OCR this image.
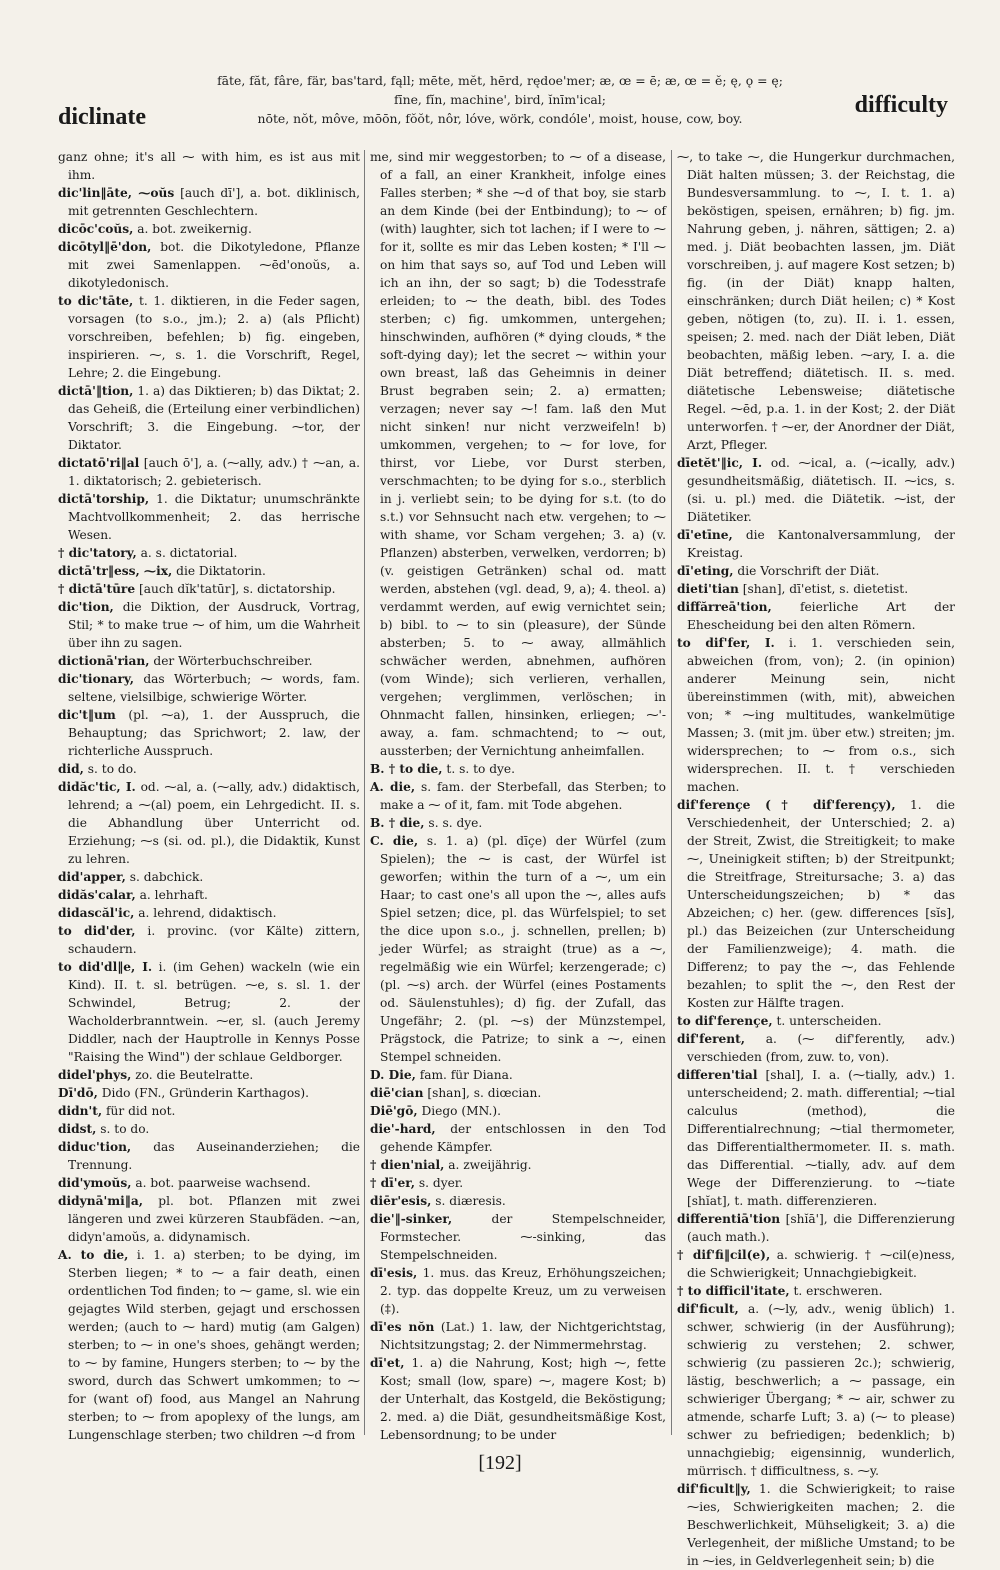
diclinate
fāte, făt, fâre, fär, bas'tard, fąll; mēte, mĕt, hērd, rędoe'mer; æ, œ = ē; æ, œ = ĕ; ę, ǫ = ę;
fīne, fĭn, machine', bird, ĭnīm'ical;
nōte, nŏt, môve, mōōn, fŏŏt, nôr, lóve, wörk, condóle', moist, house, cow, boy.
difficulty

ganz ohne; it's all ⁓ with him, es ist aus mit ihm.

dic'lin‖āte, ⁓oŭs [auch dī'], a. bot. diklinisch, mit getrennten Geschlechtern.

dicōc'coŭs, a. bot. zweikernig.

dicōtyl‖ē'don, bot. die Dikotyledone, Pflanze mit zwei Samenlappen. ⁓ēd'onoŭs, a. dikotyledonisch.

to dic'tāte, t. 1. diktieren, in die Feder sagen, vorsagen (to s.o., jm.); 2. a) (als Pflicht) vorschreiben, befehlen; b) fig. eingeben, inspirieren. ⁓, s. 1. die Vorschrift, Regel, Lehre; 2. die Eingebung.

dictā'‖tion, 1. a) das Diktieren; b) das Diktat; 2. das Geheiß, die (Erteilung einer verbindlichen) Vorschrift; 3. die Eingebung. ⁓tor, der Diktator.

dictatō'ri‖al [auch ō'], a. (⁓ally, adv.) † ⁓an, a. 1. diktatorisch; 2. gebieterisch.

dictā'torship, 1. die Diktatur; unumschränkte Machtvollkommenheit; 2. das herrische Wesen.

† dic'tatory, a. s. dictatorial.

dictā'tr‖ess, ⁓ix, die Diktatorin.

† dictā'tūre [auch dĭk'tatūr], s. dictatorship.

dic'tion, die Diktion, der Ausdruck, Vortrag, Stil; * to make true ⁓ of him, um die Wahrheit über ihn zu sagen.

dictionā'rian, der Wörterbuchschreiber.

dic'tionary, das Wörterbuch; ⁓ words, fam. seltene, vielsilbige, schwierige Wörter.

dic't‖um (pl. ⁓a), 1. der Ausspruch, die Behauptung; das Sprichwort; 2. law, der richterliche Ausspruch.

did, s. to do.

didăc'tic, I. od. ⁓al, a. (⁓ally, adv.) didaktisch, lehrend; a ⁓(al) poem, ein Lehrgedicht. II. s. die Abhandlung über Unterricht od. Erziehung; ⁓s (si. od. pl.), die Didaktik, Kunst zu lehren.

did'apper, s. dabchick.

didăs'calar, a. lehrhaft.

didascăl'ic, a. lehrend, didaktisch.

to did'der, i. provinc. (vor Kälte) zittern, schaudern.

to did'dl‖e, I. i. (im Gehen) wackeln (wie ein Kind). II. t. sl. betrügen. ⁓e, s. sl. 1. der Schwindel, Betrug; 2. der Wacholderbranntwein. ⁓er, sl. (auch Jeremy Diddler, nach der Hauptrolle in Kennys Posse "Raising the Wind") der schlaue Geldborger.

didel'phys, zo. die Beutelratte.

Dī'dō, Dido (FN., Gründerin Karthagos).

didn't, für did not.

didst, s. to do.

diduc'tion, das Auseinanderziehen; die Trennung.

did'ymoŭs, a. bot. paarweise wachsend.

didynā'mi‖a, pl. bot. Pflanzen mit zwei längeren und zwei kürzeren Staubfäden. ⁓an, didyn'amoŭs, a. didynamisch.

A. to die, i. 1. a) sterben; to be dying, im Sterben liegen; * to ⁓ a fair death, einen ordentlichen Tod finden; to ⁓ game, sl. wie ein gejagtes Wild sterben, gejagt und erschossen werden; (auch to ⁓ hard) mutig (am Galgen) sterben; to ⁓ in one's shoes, gehängt werden; to ⁓ by famine, Hungers sterben; to ⁓ by the sword, durch das Schwert umkommen; to ⁓ for (want of) food, aus Mangel an Nahrung sterben; to ⁓ from apoplexy of the lungs, am Lungenschlage sterben; two children ⁓d from

me, sind mir weggestorben; to ⁓ of a disease, of a fall, an einer Krankheit, infolge eines Falles sterben; * she ⁓d of that boy, sie starb an dem Kinde (bei der Entbindung); to ⁓ of (with) laughter, sich tot lachen; if I were to ⁓ for it, sollte es mir das Leben kosten; * I'll ⁓ on him that says so, auf Tod und Leben will ich an ihn, der so sagt; b) die Todesstrafe erleiden; to ⁓ the death, bibl. des Todes sterben; c) fig. umkommen, untergehen; hinschwinden, aufhören (* dying clouds, * the soft-dying day); let the secret ⁓ within your own breast, laß das Geheimnis in deiner Brust begraben sein; 2. a) ermatten; verzagen; never say ⁓! fam. laß den Mut nicht sinken! nur nicht verzweifeln! b) umkommen, vergehen; to ⁓ for love, for thirst, vor Liebe, vor Durst sterben, verschmachten; to be dying for s.o., sterblich in j. verliebt sein; to be dying for s.t. (to do s.t.) vor Sehnsucht nach etw. vergehen; to ⁓ with shame, vor Scham vergehen; 3. a) (v. Pflanzen) absterben, verwelken, verdorren; b) (v. geistigen Getränken) schal od. matt werden, abstehen (vgl. dead, 9, a); 4. theol. a) verdammt werden, auf ewig vernichtet sein; b) bibl. to ⁓ to sin (pleasure), der Sünde absterben; 5. to ⁓ away, allmählich schwächer werden, abnehmen, aufhören (vom Winde); sich verlieren, verhallen, vergehen; verglimmen, verlöschen; in Ohnmacht fallen, hinsinken, erliegen; ⁓'-away, a. fam. schmachtend; to ⁓ out, aussterben; der Vernichtung anheimfallen.

B. † to die, t. s. to dye.

A. die, s. fam. der Sterbefall, das Sterben; to make a ⁓ of it, fam. mit Tode abgehen.

B. † die, s. s. dye.

C. die, s. 1. a) (pl. dīçe) der Würfel (zum Spielen); the ⁓ is cast, der Würfel ist geworfen; within the turn of a ⁓, um ein Haar; to cast one's all upon the ⁓, alles aufs Spiel setzen; dice, pl. das Würfelspiel; to set the dice upon s.o., j. schnellen, prellen; b) jeder Würfel; as straight (true) as a ⁓, regelmäßig wie ein Würfel; kerzengerade; c) (pl. ⁓s) arch. der Würfel (eines Postaments od. Säulenstuhles); d) fig. der Zufall, das Ungefähr; 2. (pl. ⁓s) der Münzstempel, Prägstock, die Patrize; to sink a ⁓, einen Stempel schneiden.

D. Die, fam. für Diana.

diē'cian [shan], s. diœcian.

Diē'gō, Diego (MN.).

die'-hard, der entschlossen in den Tod gehende Kämpfer.

† dien'nial, a. zweijährig.

† dī'er, s. dyer.

diēr'esis, s. diæresis.

die'‖-sinker, der Stempelschneider, Formstecher. ⁓-sinking, das Stempelschneiden.

dī'esis, 1. mus. das Kreuz, Erhöhungszeichen; 2. typ. das doppelte Kreuz, um zu verweisen (‡).

dī'es nŏn (Lat.) 1. law, der Nichtgerichtstag, Nichtsitzungstag; 2. der Nimmermehrstag.

dī'et, 1. a) die Nahrung, Kost; high ⁓, fette Kost; small (low, spare) ⁓, magere Kost; b) der Unterhalt, das Kostgeld, die Beköstigung; 2. med. a) die Diät, gesundheitsmäßige Kost, Lebensordnung; to be under

⁓, to take ⁓, die Hungerkur durchmachen, Diät halten müssen; 3. der Reichstag, die Bundesversammlung. to ⁓, I. t. 1. a) beköstigen, speisen, ernähren; b) fig. jm. Nahrung geben, j. nähren, sättigen; 2. a) med. j. Diät beobachten lassen, jm. Diät vorschreiben, j. auf magere Kost setzen; b) fig. (in der Diät) knapp halten, einschränken; durch Diät heilen; c) * Kost geben, nötigen (to, zu). II. i. 1. essen, speisen; 2. med. nach der Diät leben, Diät beobachten, mäßig leben. ⁓ary, I. a. die Diät betreffend; diätetisch. II. s. med. diätetische Lebensweise; diätetische Regel. ⁓ēd, p.a. 1. in der Kost; 2. der Diät unterworfen. † ⁓er, der Anordner der Diät, Arzt, Pfleger.

dīetĕt'‖ic, I. od. ⁓ical, a. (⁓ically, adv.) gesundheitsmäßig, diätetisch. II. ⁓ics, s. (si. u. pl.) med. die Diätetik. ⁓ist, der Diätetiker.

dī'etīne, die Kantonalversammlung, der Kreistag.

dī'eting, die Vorschrift der Diät.

dieti'tian [shan], dī'etist, s. dietetist.

diffărreā'tion, feierliche Art der Ehescheidung bei den alten Römern.

to dif'fer, I. i. 1. verschieden sein, abweichen (from, von); 2. (in opinion) anderer Meinung sein, nicht übereinstimmen (with, mit), abweichen von; * ⁓ing multitudes, wankelmütige Massen; 3. (mit jm. über etw.) streiten; jm. widersprechen; to ⁓ from o.s., sich widersprechen. II. t. † verschieden machen.

dif'ferençe († dif'ferençy), 1. die Verschiedenheit, der Unterschied; 2. a) der Streit, Zwist, die Streitigkeit; to make ⁓, Uneinigkeit stiften; b) der Streitpunkt; die Streitfrage, Streitursache; 3. a) das Unterscheidungszeichen; b) * das Abzeichen; c) her. (gew. differences [sĭs], pl.) das Beizeichen (zur Unterscheidung der Familienzweige); 4. math. die Differenz; to pay the ⁓, das Fehlende bezahlen; to split the ⁓, den Rest der Kosten zur Hälfte tragen.

to dif'ferençe, t. unterscheiden.

dif'ferent, a. (⁓ dif'ferently, adv.) verschieden (from, zuw. to, von).

differen'tial [shal], I. a. (⁓tially, adv.) 1. unterscheidend; 2. math. differential; ⁓tial calculus (method), die Differentialrechnung; ⁓tial thermometer, das Differentialthermometer. II. s. math. das Differential. ⁓tially, adv. auf dem Wege der Differenzierung. to ⁓tiate [shĭat], t. math. differenzieren.

differentiā'tion [shĭā'], die Differenzierung (auch math.).

† dif'fi‖cil(e), a. schwierig. † ⁓cil(e)ness, die Schwierigkeit; Unnachgiebigkeit.

† to difficil'itate, t. erschweren.

dif'ficult, a. (⁓ly, adv., wenig üblich) 1. schwer, schwierig (in der Ausführung); schwierig zu verstehen; 2. schwer, schwierig (zu passieren 2c.); schwierig, lästig, beschwerlich; a ⁓ passage, ein schwieriger Übergang; * ⁓ air, schwer zu atmende, scharfe Luft; 3. a) (⁓ to please) schwer zu befriedigen; bedenklich; b) unnachgiebig; eigensinnig, wunderlich, mürrisch. † difficultness, s. ⁓y.

dif'ficult‖y, 1. die Schwierigkeit; to raise ⁓ies, Schwierigkeiten machen; 2. die Beschwerlichkeit, Mühseligkeit; 3. a) die Verlegenheit, der mißliche Umstand; to be in ⁓ies, in Geldverlegenheit sein; b) die

[192]
